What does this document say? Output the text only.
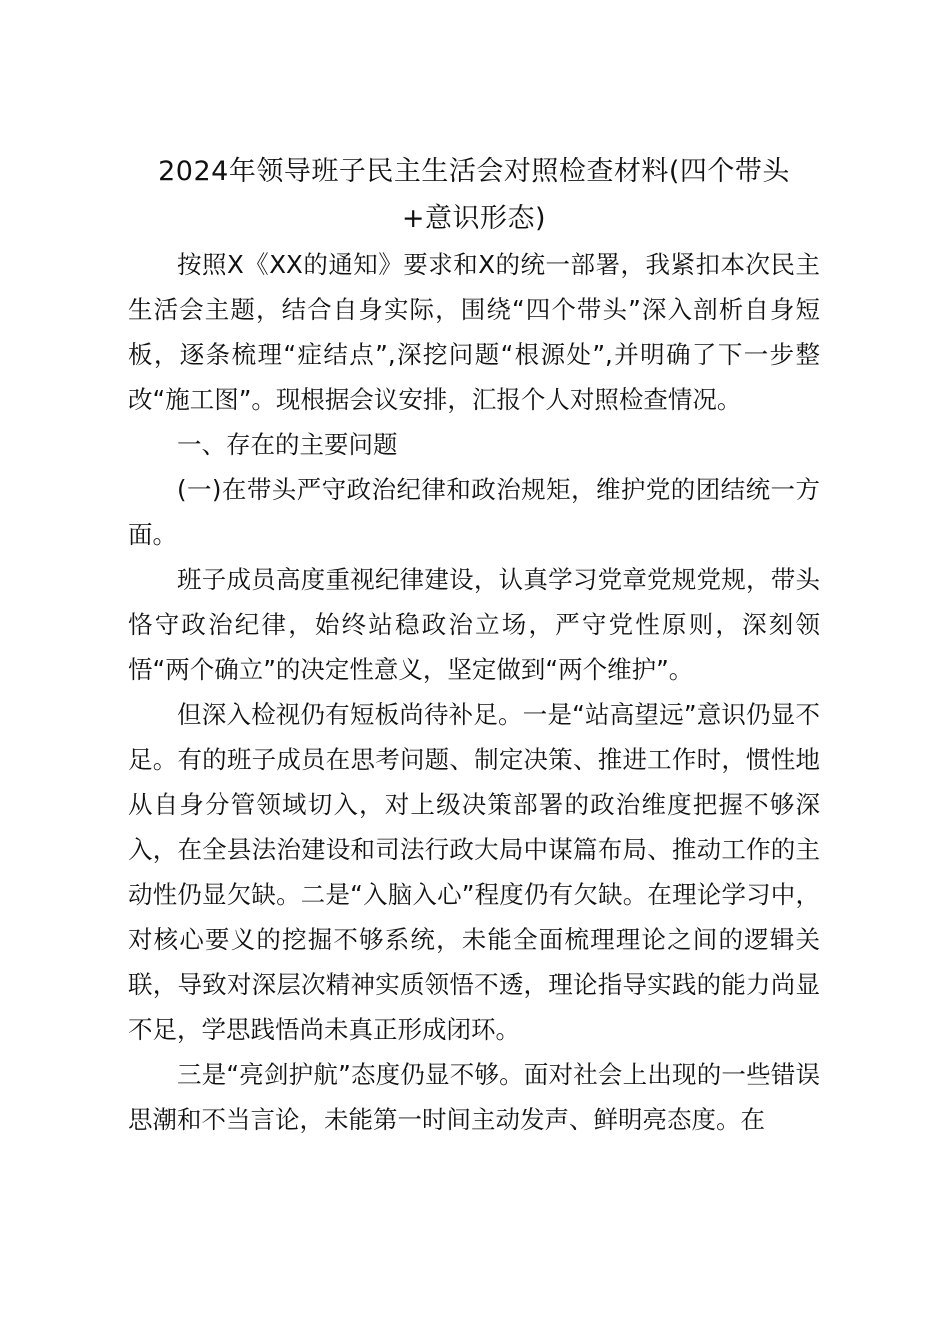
2024年领导班子民主生活会对照检查材料(四个带头
+意识形态)

按照X《XX的通知》要求和X的统一部署，我紧扣本次民主生活会主题，结合自身实际，围绕“四个带头”深入剖析自身短板，逐条梳理“症结点”,深挖问题“根源处”,并明确了下一步整改“施工图”。现根据会议安排，汇报个人对照检查情况。

一、存在的主要问题

(一)在带头严守政治纪律和政治规矩，维护党的团结统一方面。

班子成员高度重视纪律建设，认真学习党章党规党规，带头恪守政治纪律，始终站稳政治立场，严守党性原则，深刻领悟“两个确立”的决定性意义，坚定做到“两个维护”。

但深入检视仍有短板尚待补足。一是“站高望远”意识仍显不足。有的班子成员在思考问题、制定决策、推进工作时，惯性地从自身分管领域切入，对上级决策部署的政治维度把握不够深入，在全县法治建设和司法行政大局中谋篇布局、推动工作的主动性仍显欠缺。二是“入脑入心”程度仍有欠缺。在理论学习中，对核心要义的挖掘不够系统，未能全面梳理理论之间的逻辑关联，导致对深层次精神实质领悟不透，理论指导实践的能力尚显不足，学思践悟尚未真正形成闭环。

三是“亮剑护航”态度仍显不够。面对社会上出现的一些错误思潮和不当言论，未能第一时间主动发声、鲜明亮态度。在
